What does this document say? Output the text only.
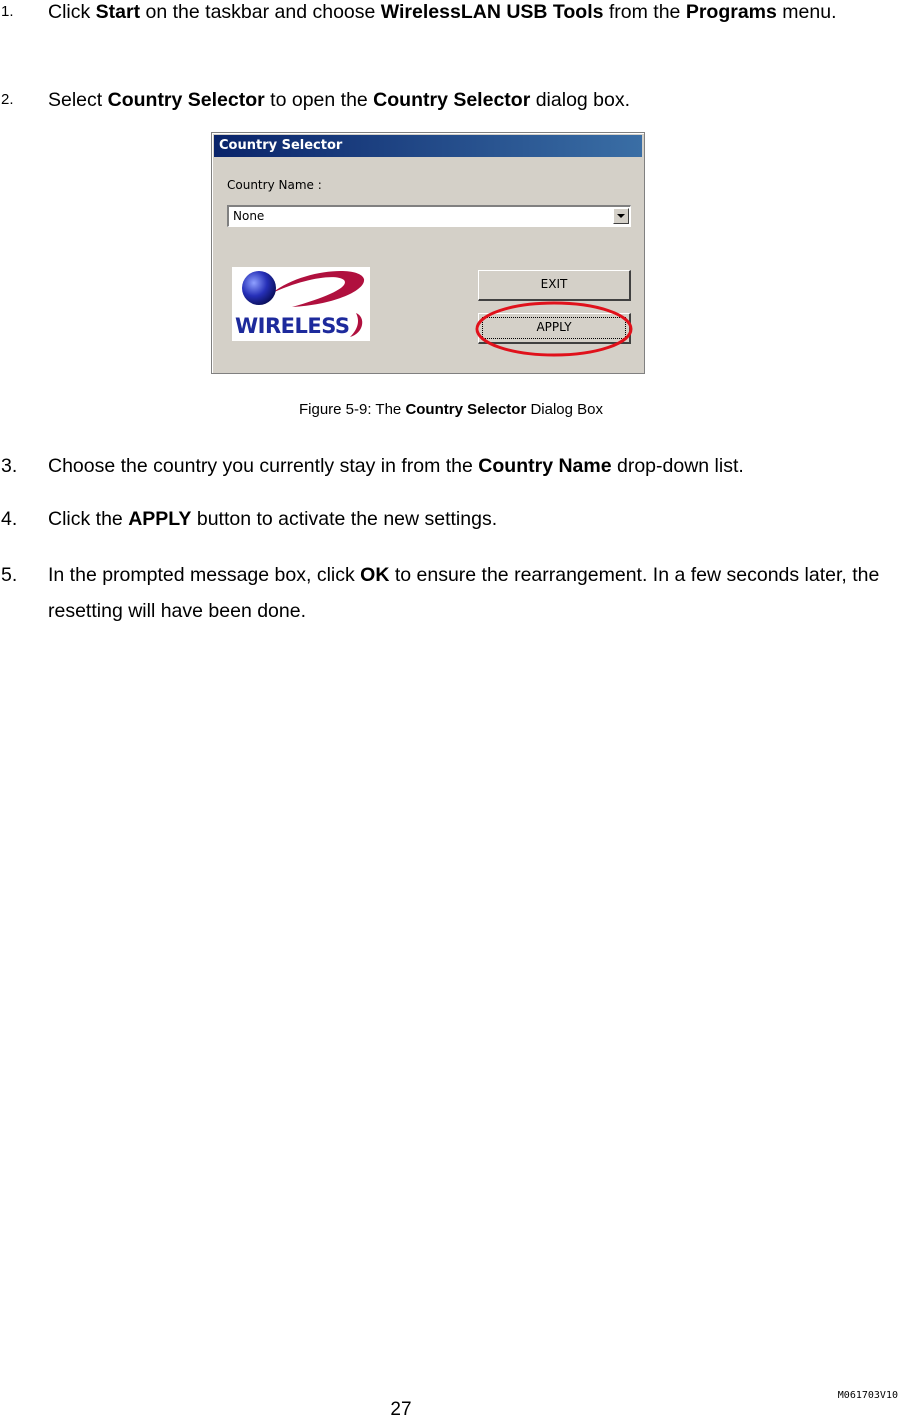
1. Click Start on the taskbar and choose WirelessLAN USB Tools from the Programs menu.
2. Select Country Selector to open the Country Selector dialog box.
Country Selector
Country Name :
None
WIRELESS
EXIT
APPLY
Figure 5-9: The Country Selector Dialog Box
3. Choose the country you currently stay in from the Country Name drop-down list.
4. Click the APPLY button to activate the new settings.
5. In the prompted message box, click OK to ensure the rearrangement. In a few seconds later, the resetting will have been done.
M061703V10
27
